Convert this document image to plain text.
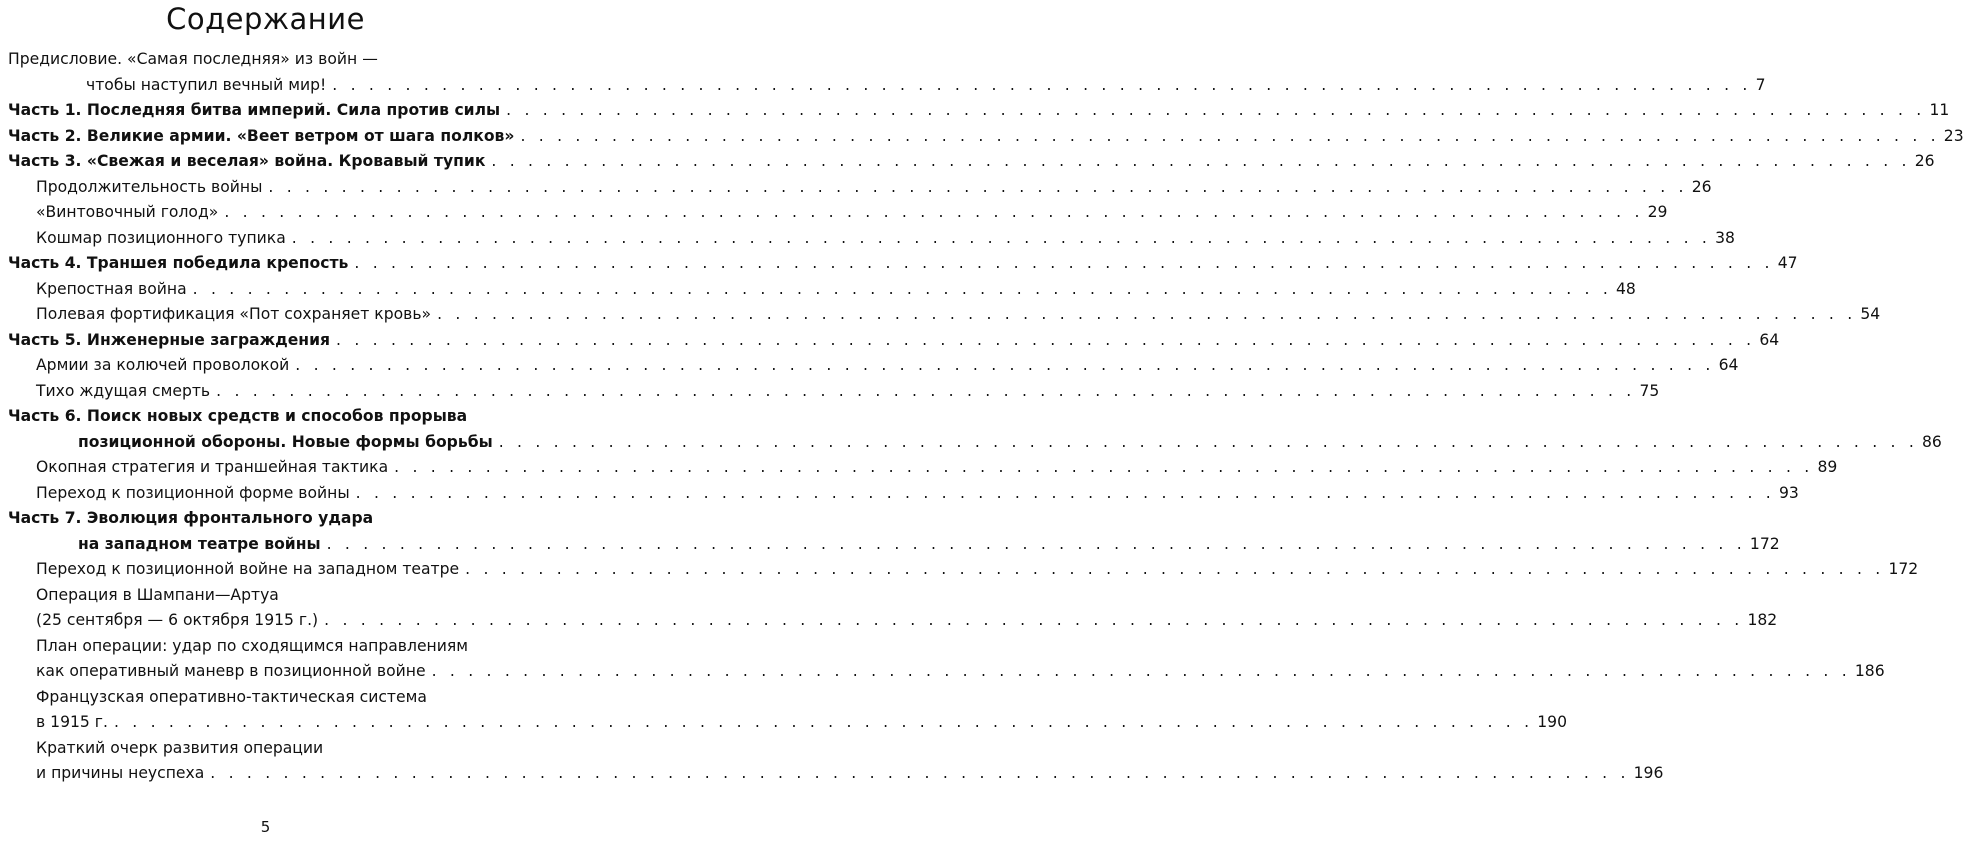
Содержание
Предисловие. «Самая последняя» из войн —
чтобы наступил вечный мир! . . .	7
Часть 1. Последняя битва империй. Сила против силы . . .	11
Часть 2. Великие армии. «Веет ветром от шага полков» . . .	23
Часть 3. «Свежая и веселая» война. Кровавый тупик . . .	26
Продолжительность войны . . .	26
«Винтовочный голод» . . .	29
Кошмар позиционного тупика . . .	38
Часть 4. Траншея победила крепость . . .	47
Крепостная война . . .	48
Полевая фортификация «Пот сохраняет кровь» . . .	54
Часть 5. Инженерные заграждения . . .	64
Армии за колючей проволокой . . .	64
Тихо ждущая смерть . . .	75
Часть 6. Поиск новых средств и способов прорыва
позиционной обороны. Новые формы борьбы . . .	86
Окопная стратегия и траншейная тактика . . .	89
Переход к позиционной форме войны . . .	93
Часть 7. Эволюция фронтального удара
на западном театре войны . . .	172
Переход к позиционной войне на западном театре . . .	172
Операция в Шампани—Артуа
(25 сентября — 6 октября 1915 г.) . . .	182
План операции: удар по сходящимся направлениям
как оперативный маневр в позиционной войне . . .	186
Французская оперативно-тактическая система
в 1915 г. . . .	190
Краткий очерк развития операции
и причины неуспеха . . .	196
5
